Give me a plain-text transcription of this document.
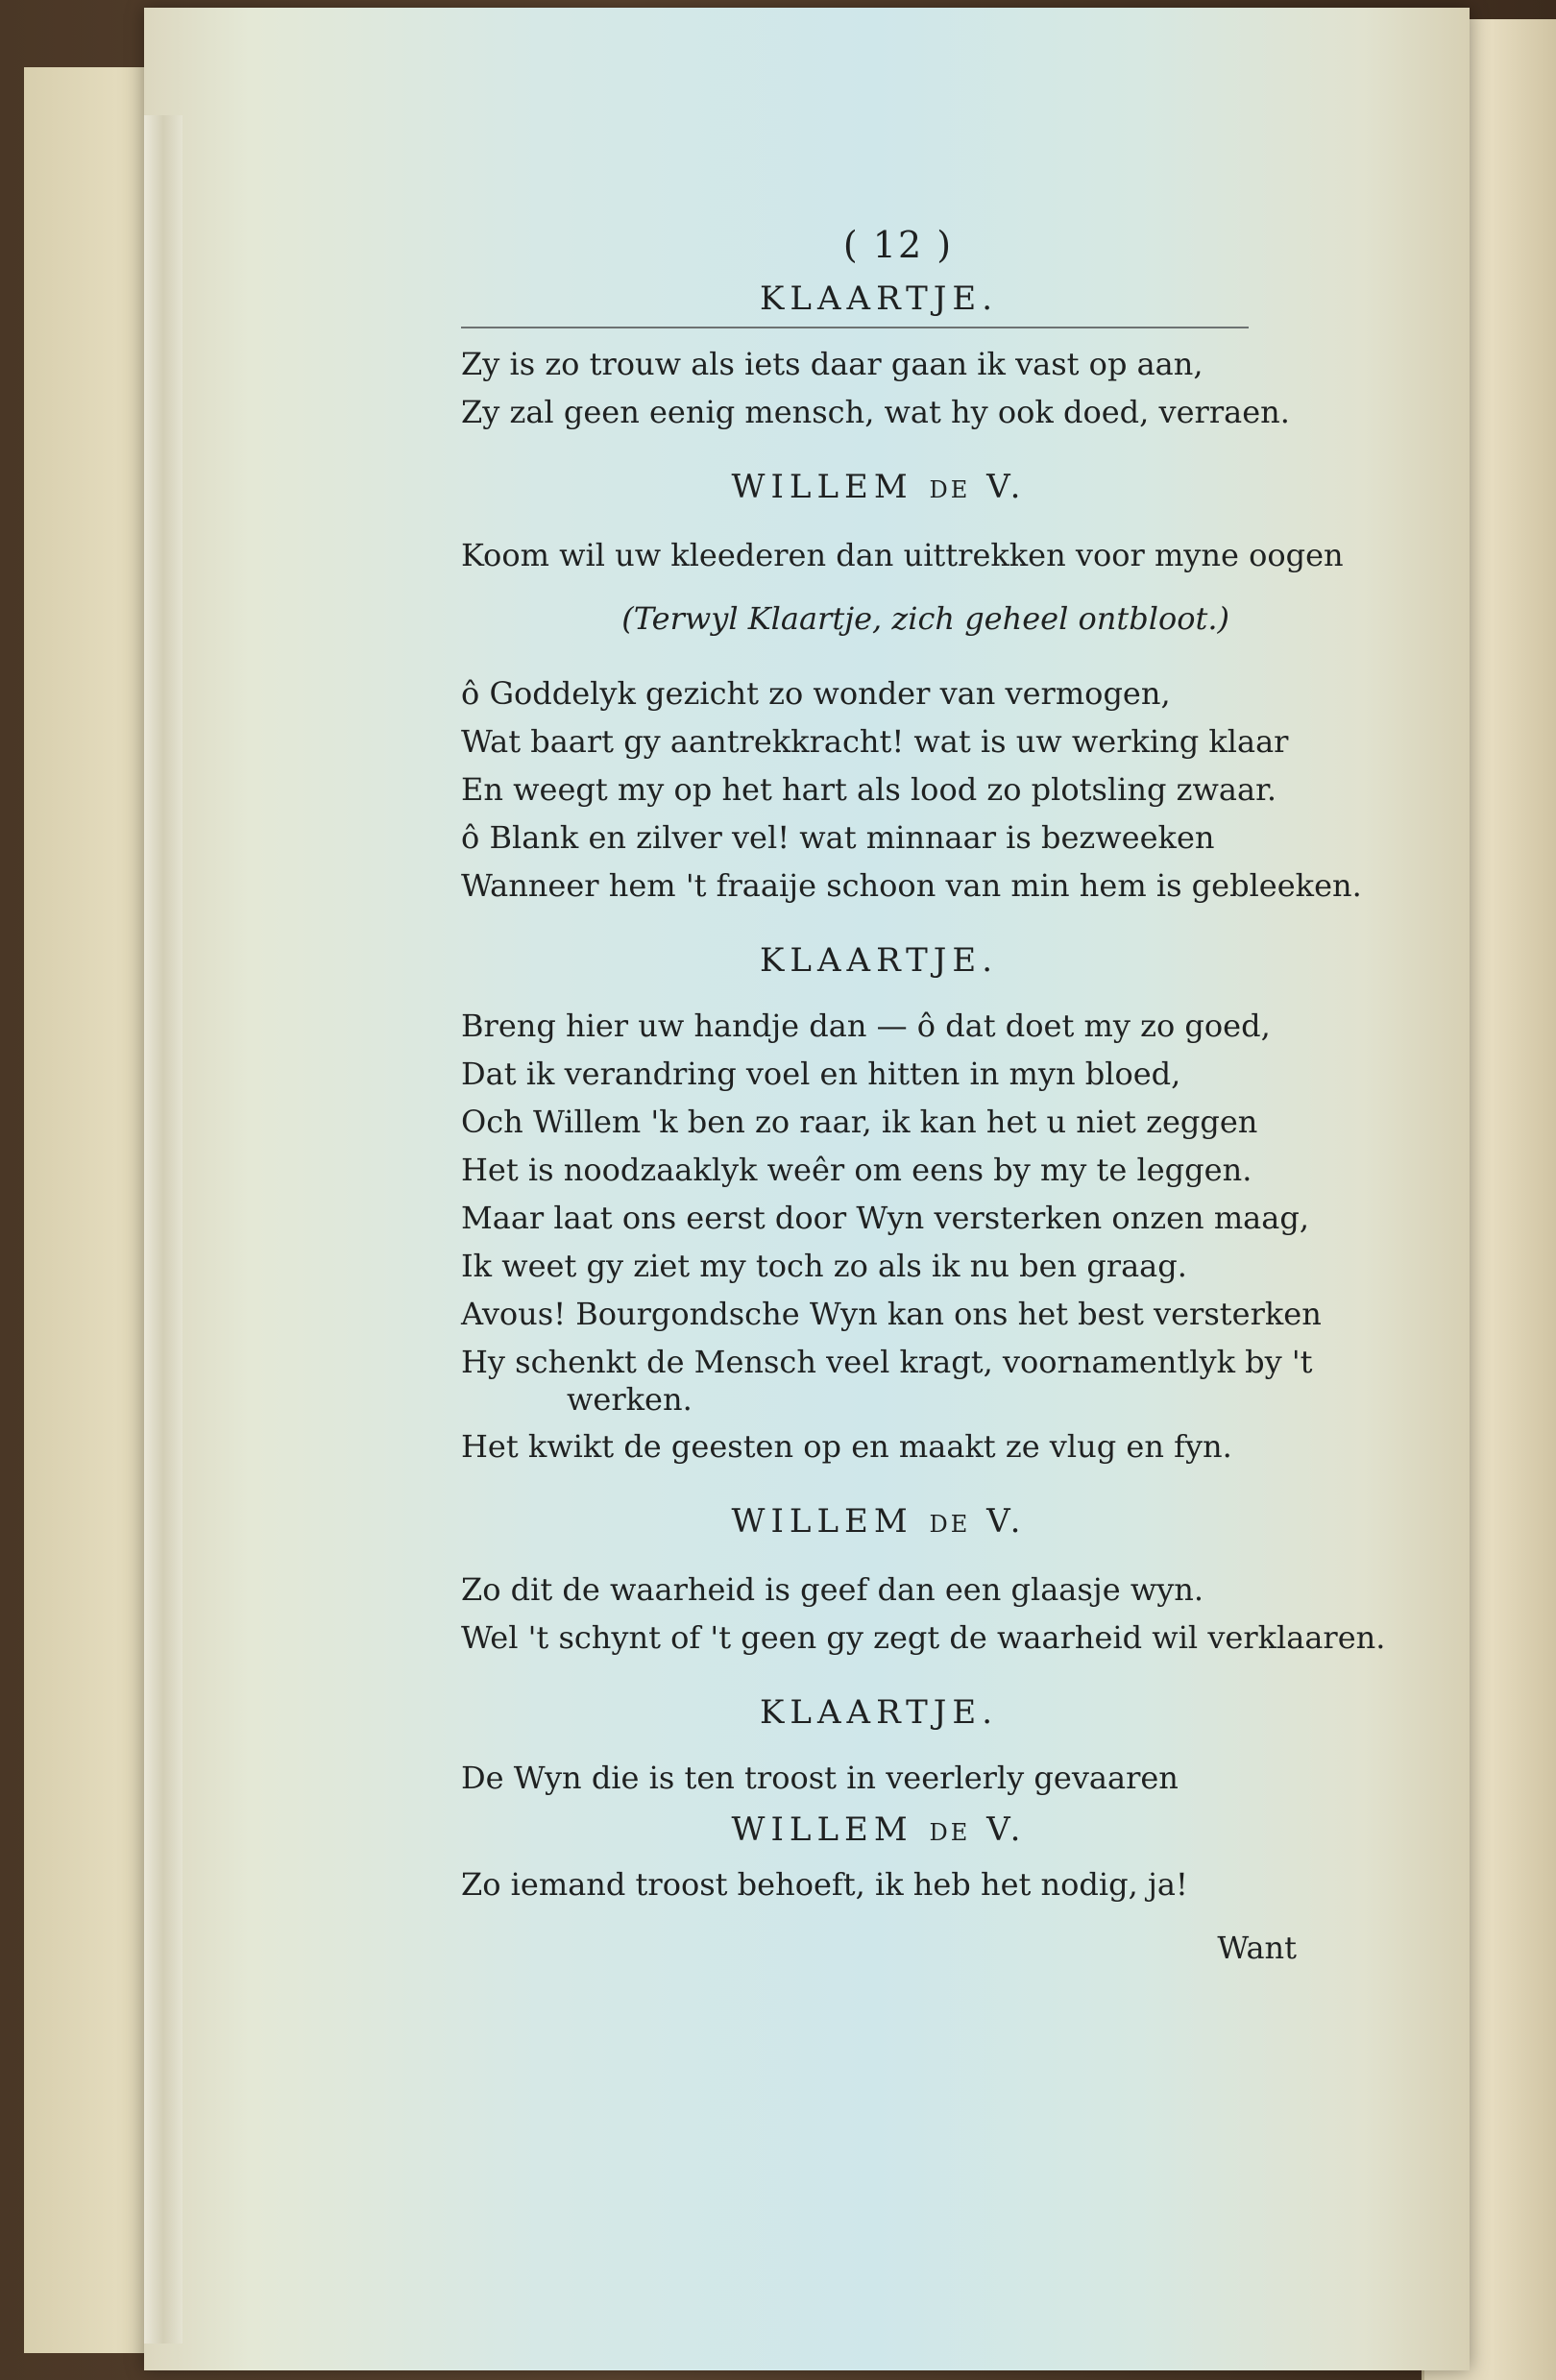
( 12 )
KLAARTJE.
Zy is zo trouw als iets daar gaan ik vast op aan,
Zy zal geen eenig mensch, wat hy ook doed, verraen.
WILLEM DE V.
Koom wil uw kleederen dan uittrekken voor myne oogen
(Terwyl Klaartje, zich geheel ontbloot.)
ô Goddelyk gezicht zo wonder van vermogen,
Wat baart gy aantrekkracht! wat is uw werking klaar
En weegt my op het hart als lood zo plotsling zwaar.
ô Blank en zilver vel! wat minnaar is bezweeken
Wanneer hem 't fraaije schoon van min hem is gebleeken.
KLAARTJE.
Breng hier uw handje dan — ô dat doet my zo goed,
Dat ik verandring voel en hitten in myn bloed,
Och Willem 'k ben zo raar, ik kan het u niet zeggen
Het is noodzaaklyk weêr om eens by my te leggen.
Maar laat ons eerst door Wyn versterken onzen maag,
Ik weet gy ziet my toch zo als ik nu ben graag.
Avous! Bourgondsche Wyn kan ons het best versterken
Hy schenkt de Mensch veel kragt, voornamentlyk by 't
werken.
Het kwikt de geesten op en maakt ze vlug en fyn.
WILLEM DE V.
Zo dit de waarheid is geef dan een glaasje wyn.
Wel 't schynt of 't geen gy zegt de waarheid wil verklaaren.
KLAARTJE.
De Wyn die is ten troost in veerlerly gevaaren
WILLEM DE V.
Zo iemand troost behoeft, ik heb het nodig, ja!
Want
